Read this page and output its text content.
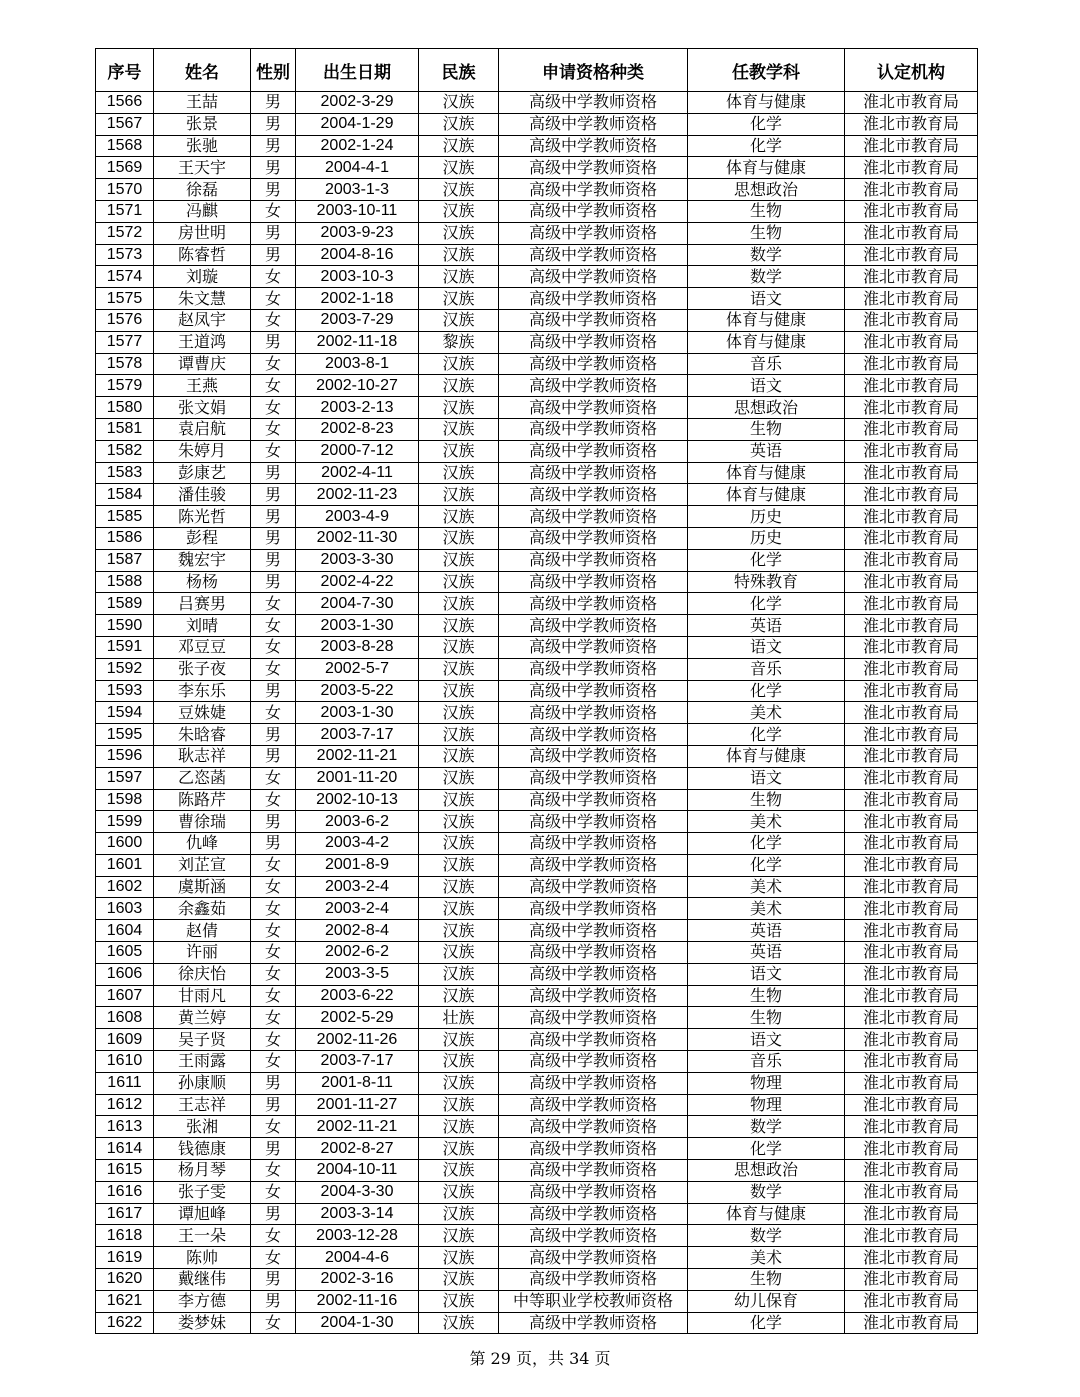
序号	姓名	性别	出生日期	民族	申请资格种类	任教学科	认定机构
1566	王喆	男	2002-3-29	汉族	高级中学教师资格	体育与健康	淮北市教育局
1567	张景	男	2004-1-29	汉族	高级中学教师资格	化学	淮北市教育局
1568	张驰	男	2002-1-24	汉族	高级中学教师资格	化学	淮北市教育局
1569	王天宇	男	2004-4-1	汉族	高级中学教师资格	体育与健康	淮北市教育局
1570	徐磊	男	2003-1-3	汉族	高级中学教师资格	思想政治	淮北市教育局
1571	冯麒	女	2003-10-11	汉族	高级中学教师资格	生物	淮北市教育局
1572	房世明	男	2003-9-23	汉族	高级中学教师资格	生物	淮北市教育局
1573	陈睿哲	男	2004-8-16	汉族	高级中学教师资格	数学	淮北市教育局
1574	刘璇	女	2003-10-3	汉族	高级中学教师资格	数学	淮北市教育局
1575	朱文慧	女	2002-1-18	汉族	高级中学教师资格	语文	淮北市教育局
1576	赵凤宇	女	2003-7-29	汉族	高级中学教师资格	体育与健康	淮北市教育局
1577	王道鸿	男	2002-11-18	黎族	高级中学教师资格	体育与健康	淮北市教育局
1578	谭曹庆	女	2003-8-1	汉族	高级中学教师资格	音乐	淮北市教育局
1579	王燕	女	2002-10-27	汉族	高级中学教师资格	语文	淮北市教育局
1580	张文娟	女	2003-2-13	汉族	高级中学教师资格	思想政治	淮北市教育局
1581	袁启航	女	2002-8-23	汉族	高级中学教师资格	生物	淮北市教育局
1582	朱婷月	女	2000-7-12	汉族	高级中学教师资格	英语	淮北市教育局
1583	彭康艺	男	2002-4-11	汉族	高级中学教师资格	体育与健康	淮北市教育局
1584	潘佳骏	男	2002-11-23	汉族	高级中学教师资格	体育与健康	淮北市教育局
1585	陈光哲	男	2003-4-9	汉族	高级中学教师资格	历史	淮北市教育局
1586	彭程	男	2002-11-30	汉族	高级中学教师资格	历史	淮北市教育局
1587	魏宏宇	男	2003-3-30	汉族	高级中学教师资格	化学	淮北市教育局
1588	杨杨	男	2002-4-22	汉族	高级中学教师资格	特殊教育	淮北市教育局
1589	吕赛男	女	2004-7-30	汉族	高级中学教师资格	化学	淮北市教育局
1590	刘晴	女	2003-1-30	汉族	高级中学教师资格	英语	淮北市教育局
1591	邓豆豆	女	2003-8-28	汉族	高级中学教师资格	语文	淮北市教育局
1592	张子夜	女	2002-5-7	汉族	高级中学教师资格	音乐	淮北市教育局
1593	李东乐	男	2003-5-22	汉族	高级中学教师资格	化学	淮北市教育局
1594	豆姝婕	女	2003-1-30	汉族	高级中学教师资格	美术	淮北市教育局
1595	朱晗睿	男	2003-7-17	汉族	高级中学教师资格	化学	淮北市教育局
1596	耿志祥	男	2002-11-21	汉族	高级中学教师资格	体育与健康	淮北市教育局
1597	乙恣菡	女	2001-11-20	汉族	高级中学教师资格	语文	淮北市教育局
1598	陈路芹	女	2002-10-13	汉族	高级中学教师资格	生物	淮北市教育局
1599	曹徐瑞	男	2003-6-2	汉族	高级中学教师资格	美术	淮北市教育局
1600	仇峰	男	2003-4-2	汉族	高级中学教师资格	化学	淮北市教育局
1601	刘芷宣	女	2001-8-9	汉族	高级中学教师资格	化学	淮北市教育局
1602	虞斯涵	女	2003-2-4	汉族	高级中学教师资格	美术	淮北市教育局
1603	余鑫茹	女	2003-2-4	汉族	高级中学教师资格	美术	淮北市教育局
1604	赵倩	女	2002-8-4	汉族	高级中学教师资格	英语	淮北市教育局
1605	许丽	女	2002-6-2	汉族	高级中学教师资格	英语	淮北市教育局
1606	徐庆怡	女	2003-3-5	汉族	高级中学教师资格	语文	淮北市教育局
1607	甘雨凡	女	2003-6-22	汉族	高级中学教师资格	生物	淮北市教育局
1608	黄兰婷	女	2002-5-29	壮族	高级中学教师资格	生物	淮北市教育局
1609	吴子贤	女	2002-11-26	汉族	高级中学教师资格	语文	淮北市教育局
1610	王雨露	女	2003-7-17	汉族	高级中学教师资格	音乐	淮北市教育局
1611	孙康顺	男	2001-8-11	汉族	高级中学教师资格	物理	淮北市教育局
1612	王志祥	男	2001-11-27	汉族	高级中学教师资格	物理	淮北市教育局
1613	张湘	女	2002-11-21	汉族	高级中学教师资格	数学	淮北市教育局
1614	钱德康	男	2002-8-27	汉族	高级中学教师资格	化学	淮北市教育局
1615	杨月琴	女	2004-10-11	汉族	高级中学教师资格	思想政治	淮北市教育局
1616	张子雯	女	2004-3-30	汉族	高级中学教师资格	数学	淮北市教育局
1617	谭旭峰	男	2003-3-14	汉族	高级中学教师资格	体育与健康	淮北市教育局
1618	王一朵	女	2003-12-28	汉族	高级中学教师资格	数学	淮北市教育局
1619	陈帅	女	2004-4-6	汉族	高级中学教师资格	美术	淮北市教育局
1620	戴继伟	男	2002-3-16	汉族	高级中学教师资格	生物	淮北市教育局
1621	李方德	男	2002-11-16	汉族	中等职业学校教师资格	幼儿保育	淮北市教育局
1622	娄梦妹	女	2004-1-30	汉族	高级中学教师资格	化学	淮北市教育局
第 29 页，共 34 页
